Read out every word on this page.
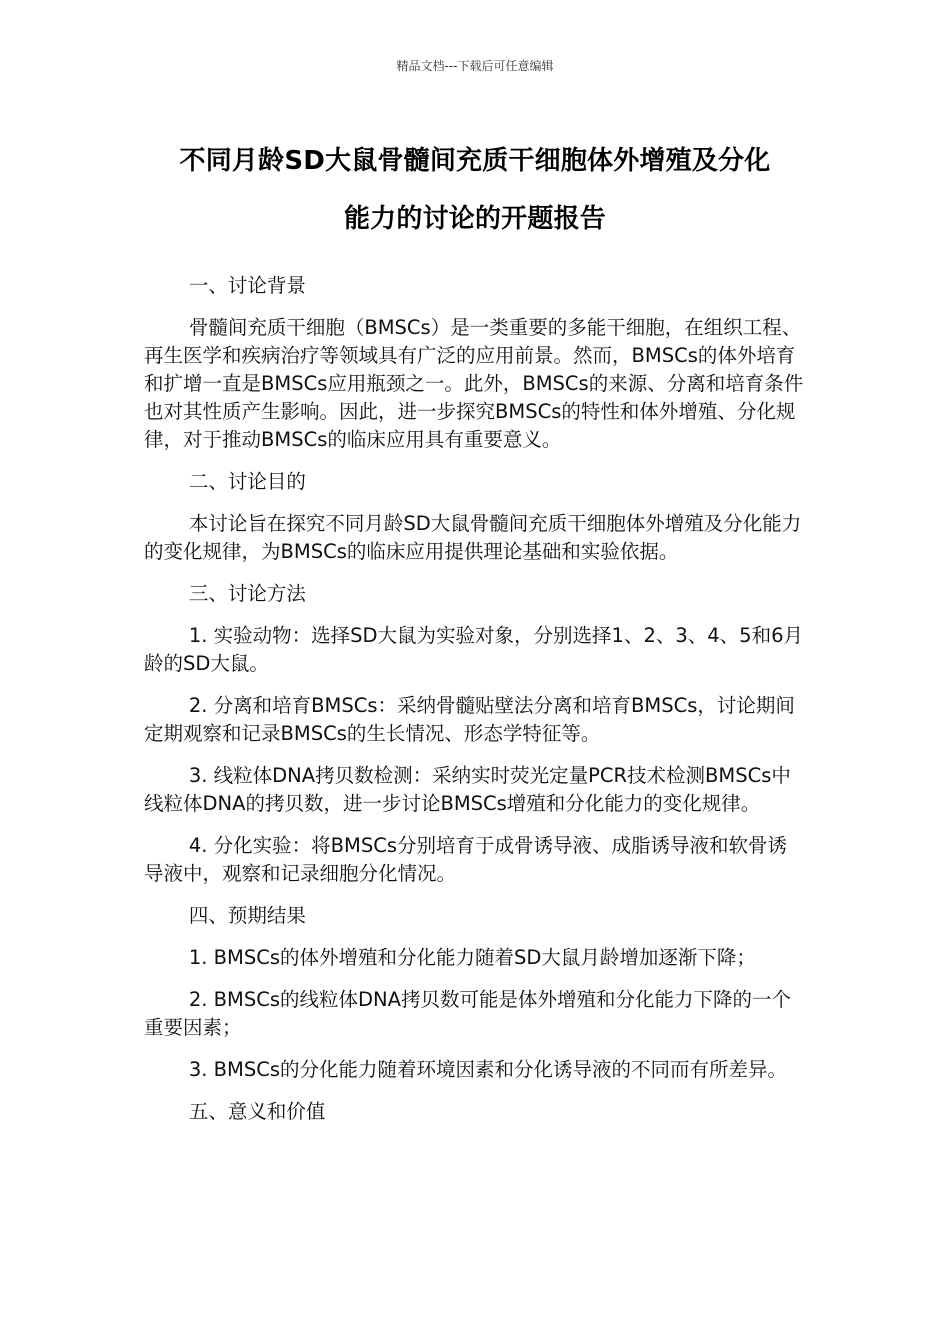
精品文档---下载后可任意编辑
不同月龄SD大鼠骨髓间充质干细胞体外增殖及分化
能力的讨论的开题报告

一、讨论背景

骨髓间充质干细胞（BMSCs）是一类重要的多能干细胞，在组织工程、再生医学和疾病治疗等领域具有广泛的应用前景。然而，BMSCs的体外培育和扩增一直是BMSCs应用瓶颈之一。此外，BMSCs的来源、分离和培育条件也对其性质产生影响。因此，进一步探究BMSCs的特性和体外增殖、分化规律，对于推动BMSCs的临床应用具有重要意义。

二、讨论目的

本讨论旨在探究不同月龄SD大鼠骨髓间充质干细胞体外增殖及分化能力的变化规律，为BMSCs的临床应用提供理论基础和实验依据。

三、讨论方法

1. 实验动物：选择SD大鼠为实验对象，分别选择1、2、3、4、5和6月龄的SD大鼠。

2. 分离和培育BMSCs：采纳骨髓贴壁法分离和培育BMSCs，讨论期间定期观察和记录BMSCs的生长情况、形态学特征等。

3. 线粒体DNA拷贝数检测：采纳实时荧光定量PCR技术检测BMSCs中线粒体DNA的拷贝数，进一步讨论BMSCs增殖和分化能力的变化规律。

4. 分化实验：将BMSCs分别培育于成骨诱导液、成脂诱导液和软骨诱导液中，观察和记录细胞分化情况。

四、预期结果

1. BMSCs的体外增殖和分化能力随着SD大鼠月龄增加逐渐下降；

2. BMSCs的线粒体DNA拷贝数可能是体外增殖和分化能力下降的一个重要因素；

3. BMSCs的分化能力随着环境因素和分化诱导液的不同而有所差异。

五、意义和价值
